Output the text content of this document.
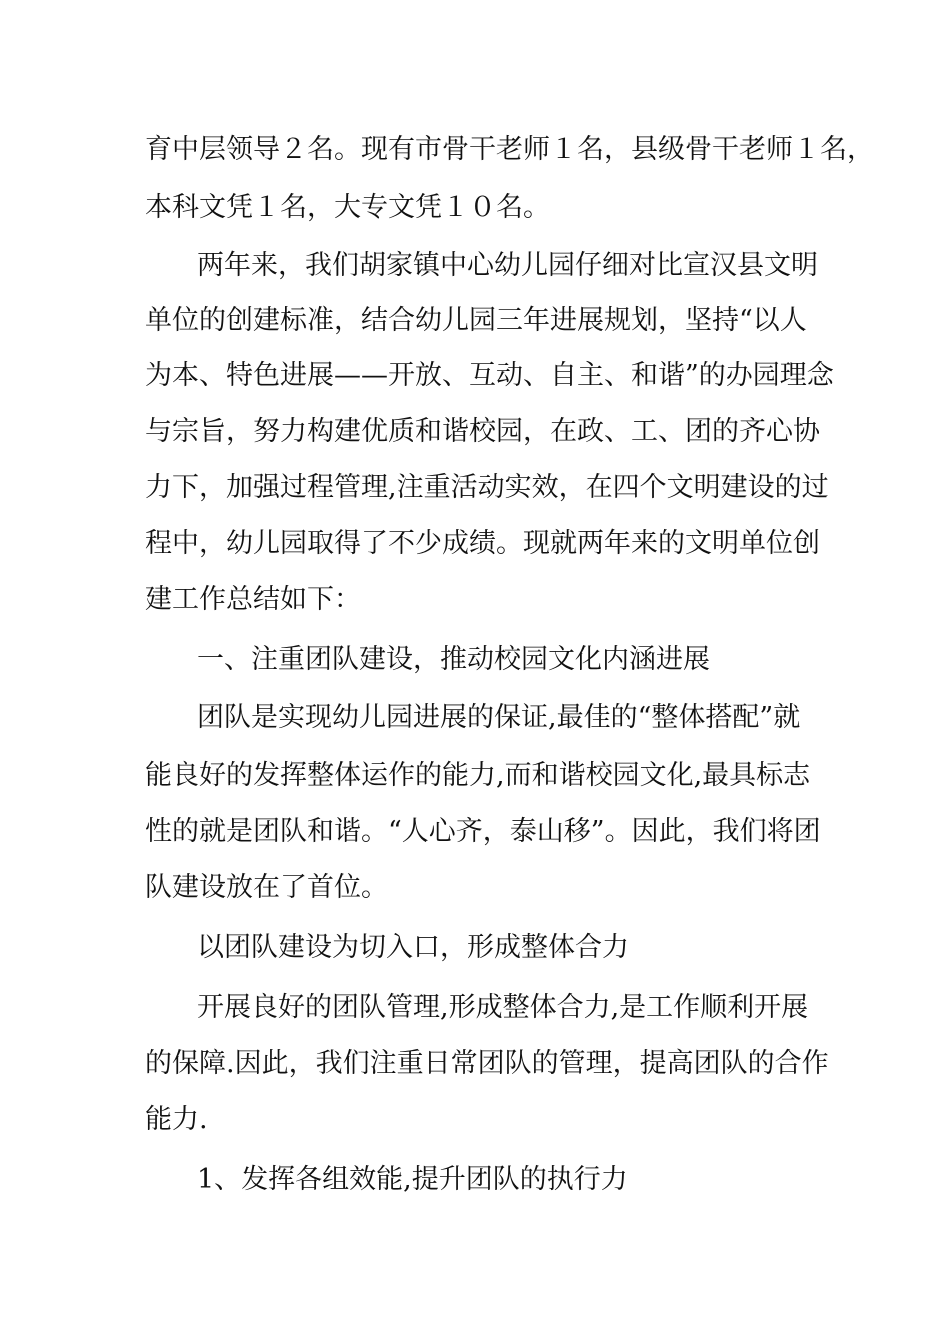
育中层领导２名。现有市骨干老师１名，县级骨干老师１名，
本科文凭１名，大专文凭１０名。
两年来，我们胡家镇中心幼儿园仔细对比宣汉县文明
单位的创建标准，结合幼儿园三年进展规划，坚持“以人
为本、特色进展——开放、互动、自主、和谐”的办园理念
与宗旨，努力构建优质和谐校园，在政、工、团的齐心协
力下，加强过程管理,注重活动实效，在四个文明建设的过
程中，幼儿园取得了不少成绩。现就两年来的文明单位创
建工作总结如下：
一、注重团队建设，推动校园文化内涵进展
团队是实现幼儿园进展的保证,最佳的“整体搭配”就
能良好的发挥整体运作的能力,而和谐校园文化,最具标志
性的就是团队和谐。“人心齐，泰山移”。因此，我们将团
队建设放在了首位。
以团队建设为切入口，形成整体合力
开展良好的团队管理,形成整体合力,是工作顺利开展
的保障.因此，我们注重日常团队的管理，提高团队的合作
能力.
1、发挥各组效能,提升团队的执行力
